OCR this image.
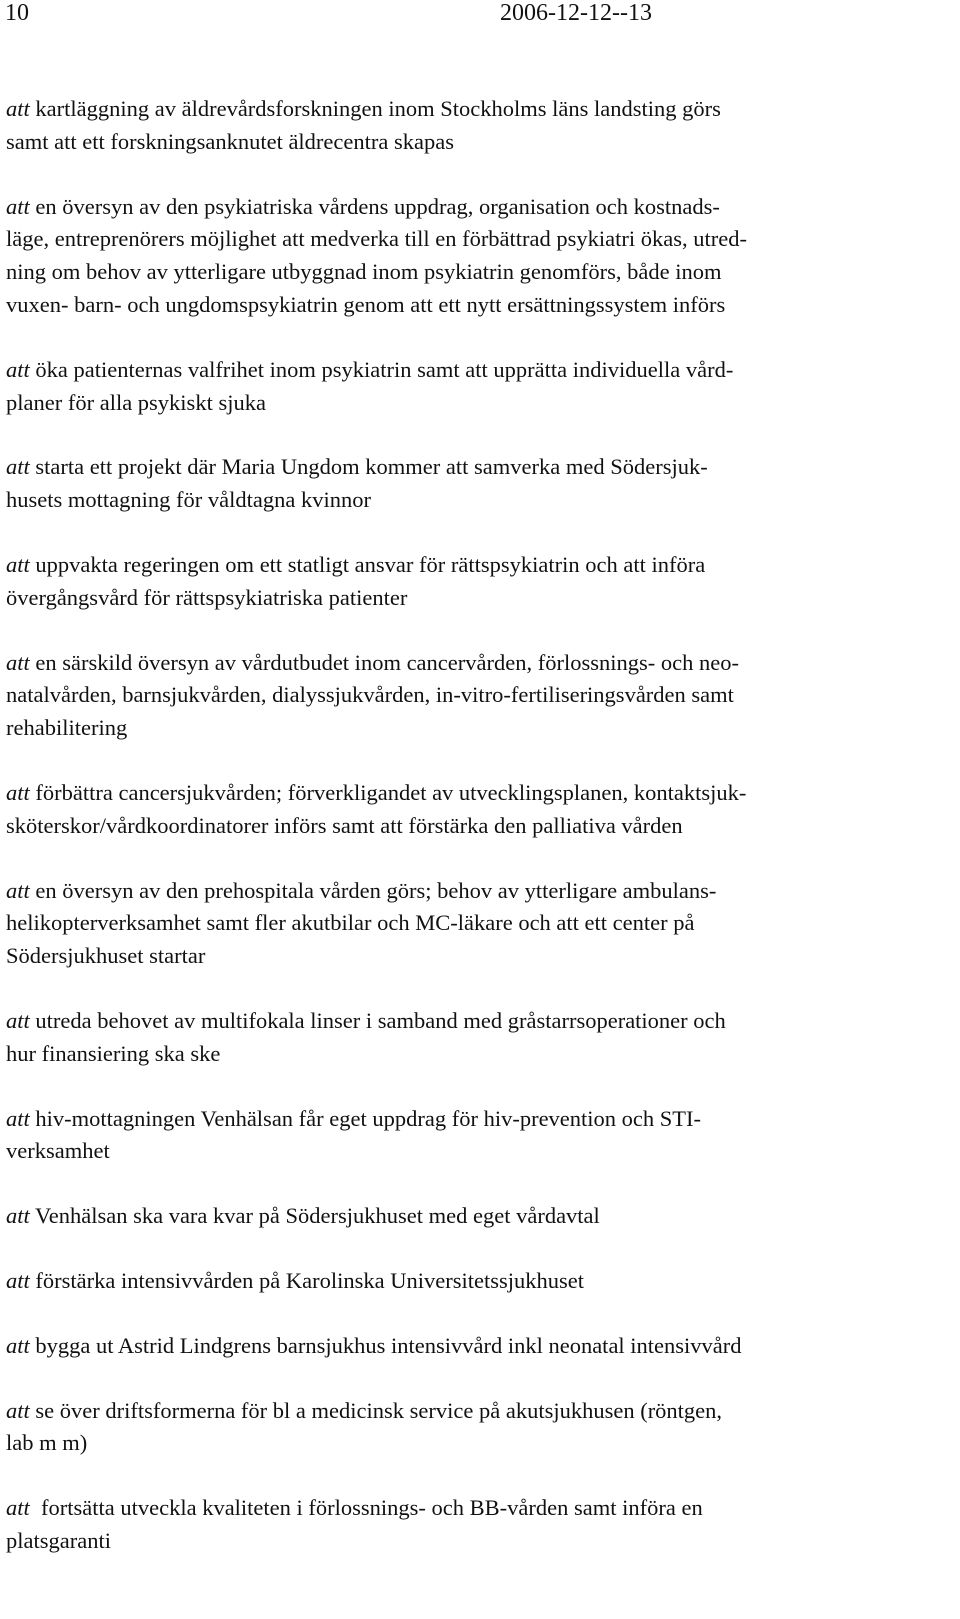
10	2006-12-12--13
att kartläggning av äldrevårdsforskningen inom Stockholms läns landsting görs
samt att ett forskningsanknutet äldrecentra skapas
att en översyn av den psykiatriska vårdens uppdrag, organisation och kostnads-
läge, entreprenörers möjlighet att medverka till en förbättrad psykiatri ökas, utred-
ning om behov av ytterligare utbyggnad inom psykiatrin genomförs, både inom
vuxen- barn- och ungdomspsykiatrin genom att ett nytt ersättningssystem införs
att öka patienternas valfrihet inom psykiatrin samt att upprätta individuella vård-
planer för alla psykiskt sjuka
att starta ett projekt där Maria Ungdom kommer att samverka med Södersjuk-
husets mottagning för våldtagna kvinnor
att uppvakta regeringen om ett statligt ansvar för rättspsykiatrin och att införa
övergångsvård för rättspsykiatriska patienter
att en särskild översyn av vårdutbudet inom cancervården, förlossnings- och neo-
natalvården, barnsjukvården, dialyssjukvården, in-vitro-fertiliseringsvården samt
rehabilitering
att förbättra cancersjukvården; förverkligandet av utvecklingsplanen, kontaktsjuk-
sköterskor/vårdkoordinatorer införs samt att förstärka den palliativa vården
att en översyn av den prehospitala vården görs; behov av ytterligare ambulans-
helikopterverksamhet samt fler akutbilar och MC-läkare och att ett center på
Södersjukhuset startar
att utreda behovet av multifokala linser i samband med gråstarrsoperationer och
hur finansiering ska ske
att hiv-mottagningen Venhälsan får eget uppdrag för hiv-prevention och STI-
verksamhet
att Venhälsan ska vara kvar på Södersjukhuset med eget vårdavtal
att förstärka intensivvården på Karolinska Universitetssjukhuset
att bygga ut Astrid Lindgrens barnsjukhus intensivvård inkl neonatal intensivvård
att se över driftsformerna för bl a medicinsk service på akutsjukhusen (röntgen,
lab m m)
att  fortsätta utveckla kvaliteten i förlossnings- och BB-vården samt införa en
platsgaranti
